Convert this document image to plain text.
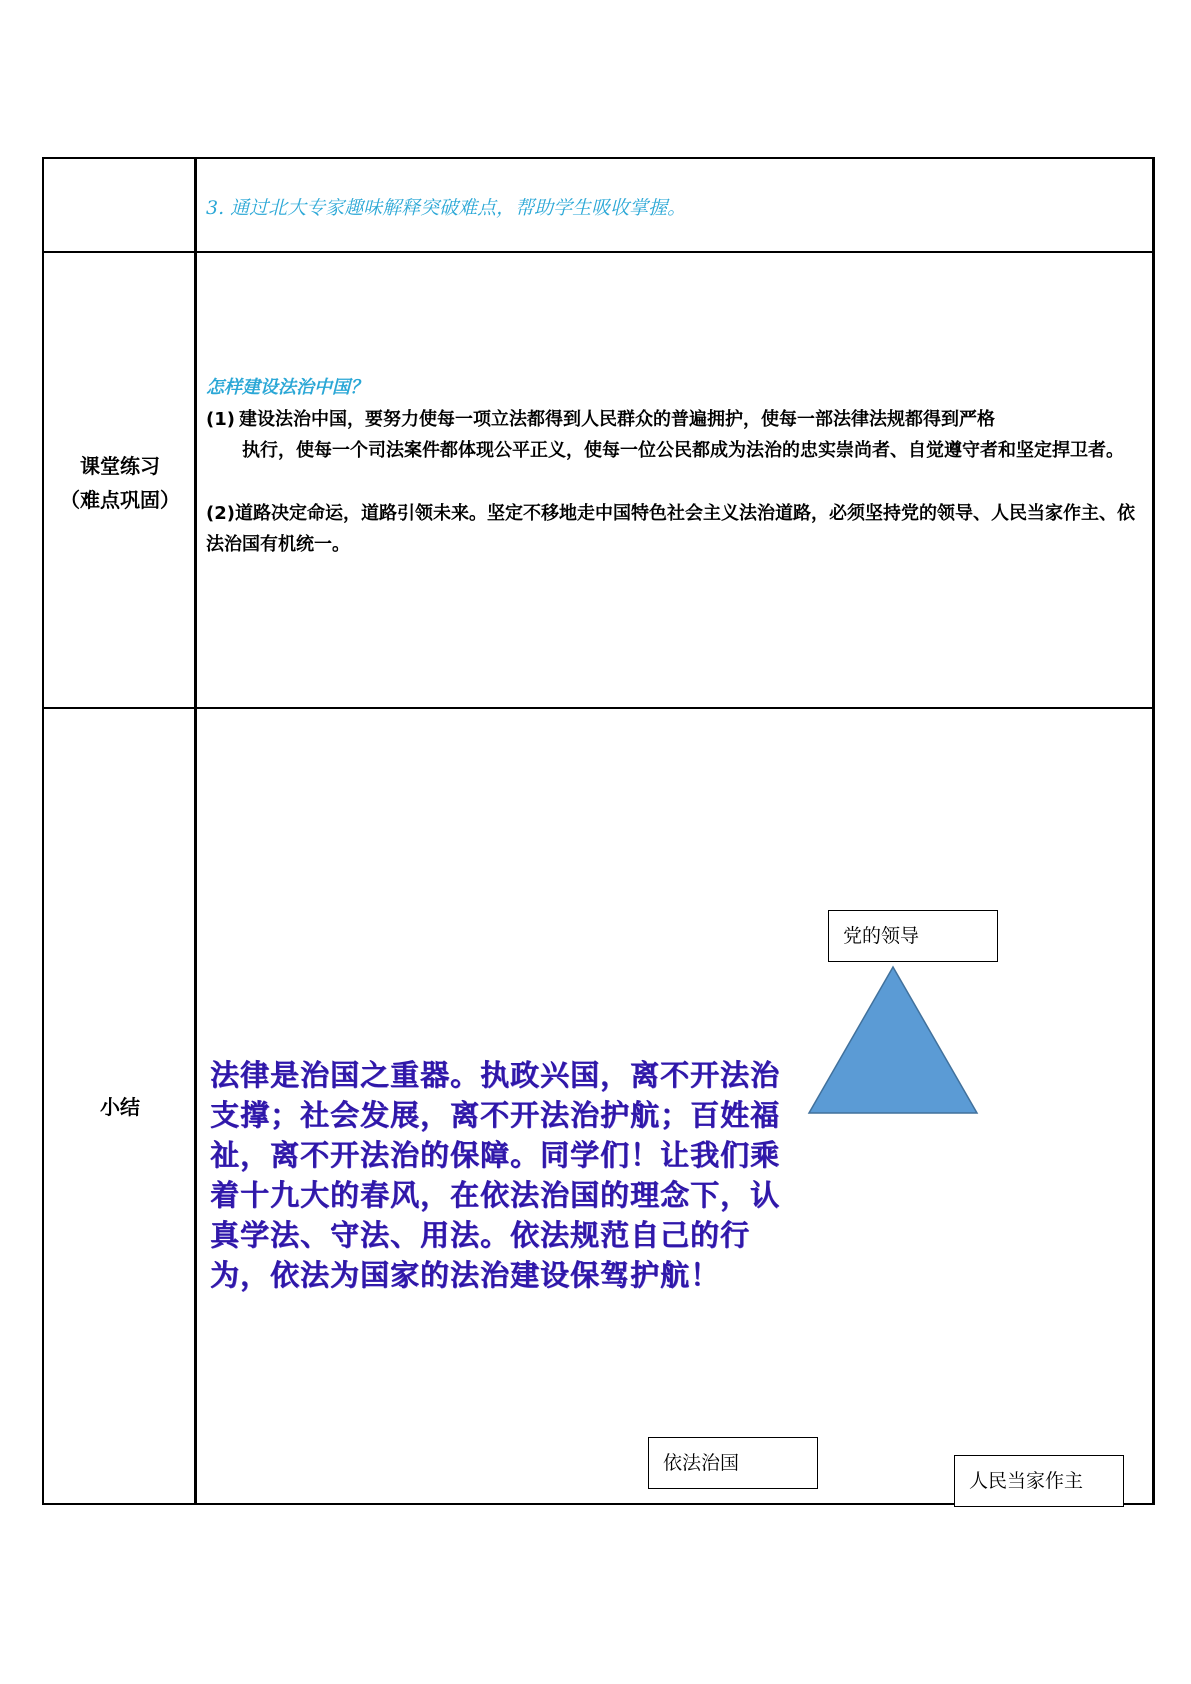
3. 通过北大专家趣味解释突破难点，帮助学生吸收掌握。
课堂练习
（难点巩固）
怎样建设法治中国？
(1) 建设法治中国，要努力使每一项立法都得到人民群众的普遍拥护，使每一部法律法规都得到严格
执行，使每一个司法案件都体现公平正义，使每一位公民都成为法治的忠实崇尚者、自觉遵守者和坚定捍卫者。
(2)道路决定命运，道路引领未来。坚定不移地走中国特色社会主义法治道路，必须坚持党的领导、人民当家作主、依法治国有机统一。
小结
法律是治国之重器。执政兴国，离不开法治支撑；社会发展，离不开法治护航；百姓福祉，离不开法治的保障。同学们！让我们乘着十九大的春风，在依法治国的理念下，认真学法、守法、用法。依法规范自己的行为，依法为国家的法治建设保驾护航！
党的领导
依法治国
人民当家作主
